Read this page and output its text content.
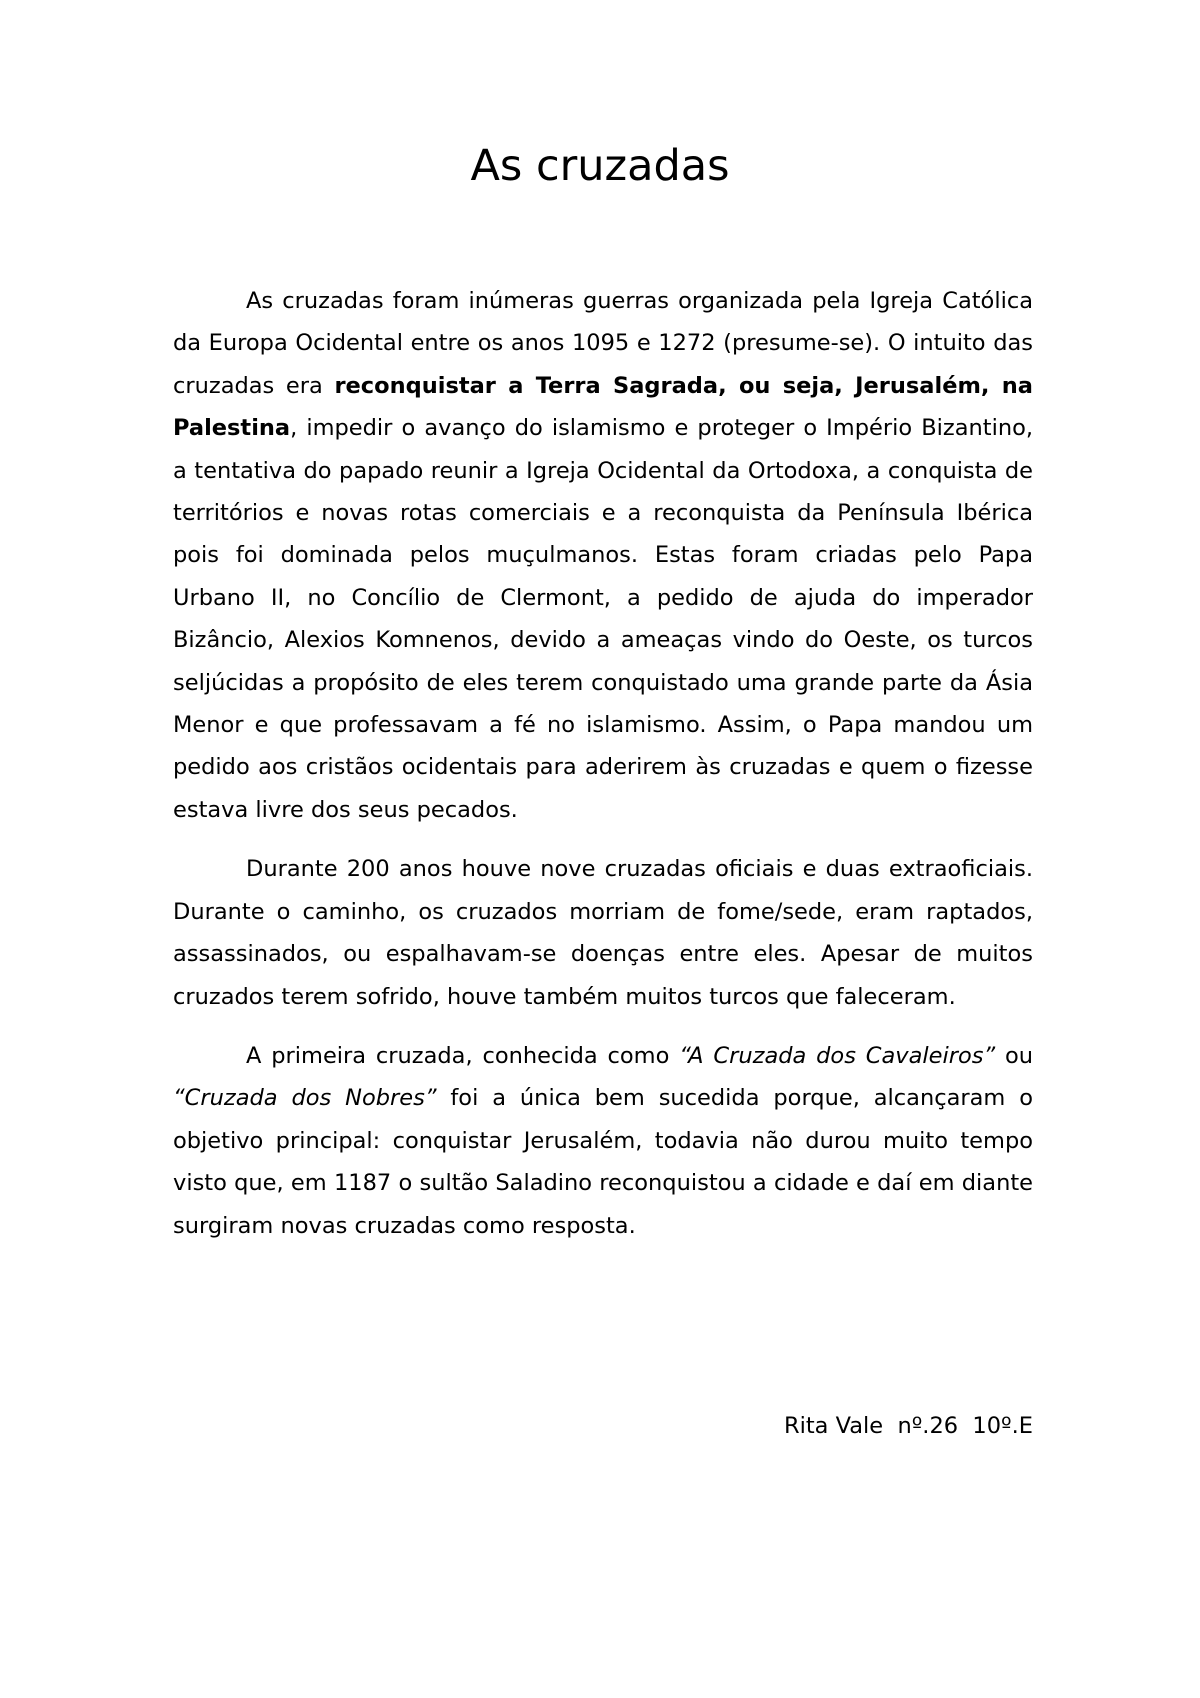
As cruzadas

As cruzadas foram inúmeras guerras organizada pela Igreja Católica da Europa Ocidental entre os anos 1095 e 1272 (presume-se). O intuito das cruzadas era reconquistar a Terra Sagrada, ou seja, Jerusalém, na Palestina, impedir o avanço do islamismo e proteger o Império Bizantino, a tentativa do papado reunir a Igreja Ocidental da Ortodoxa, a conquista de territórios e novas rotas comerciais e a reconquista da Península Ibérica pois foi dominada pelos muçulmanos. Estas foram criadas pelo Papa Urbano II, no Concílio de Clermont, a pedido de ajuda do imperador Bizâncio, Alexios Komnenos, devido a ameaças vindo do Oeste, os turcos seljúcidas a propósito de eles terem conquistado uma grande parte da Ásia Menor e que professavam a fé no islamismo. Assim, o Papa mandou um pedido aos cristãos ocidentais para aderirem às cruzadas e quem o fizesse estava livre dos seus pecados.

Durante 200 anos houve nove cruzadas oficiais e duas extraoficiais. Durante o caminho, os cruzados morriam de fome/sede, eram raptados, assassinados, ou espalhavam-se doenças entre eles. Apesar de muitos cruzados terem sofrido, houve também muitos turcos que faleceram.

A primeira cruzada, conhecida como “A Cruzada dos Cavaleiros” ou “Cruzada dos Nobres” foi a única bem sucedida porque, alcançaram o objetivo principal: conquistar Jerusalém, todavia não durou muito tempo visto que, em 1187 o sultão Saladino reconquistou a cidade e daí em diante surgiram novas cruzadas como resposta.

Rita Vale  nº.26  10º.E
